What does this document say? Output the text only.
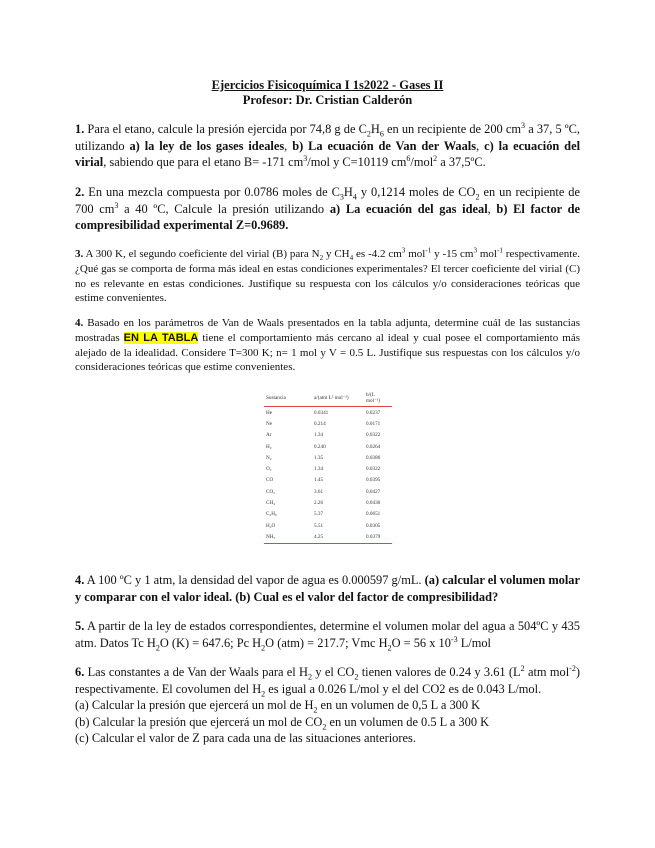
Ejercicios Fisicoquímica I 1s2022 - Gases II
Profesor: Dr. Cristian Calderón
1. Para el etano, calcule la presión ejercida por 74,8 g de $C_2H_6$ en un recipiente de 200 $cm^3$ a 37, 5 ºC, utilizando a) la ley de los gases ideales, b) La ecuación de Van der Waals, c) la ecuación del virial, sabiendo que para el etano B= -171 $cm^3$/mol y C=10119 $cm^6/mol^2$ a 37,5ºC.
2. En una mezcla compuesta por 0.0786 moles de $C_3H_4$ y 0,1214 moles de $CO_2$ en un recipiente de 700 $cm^3$ a 40 ºC, Calcule la presión utilizando a) La ecuación del gas ideal, b) El factor de compresibilidad experimental Z=0.9689.
3. A 300 K, el segundo coeficiente del virial (B) para $N_2$ y $CH_4$ es -4.2 $cm^3$ mol$^{-1}$ y -15 $cm^3$ mol$^{-1}$ respectivamente. ¿Qué gas se comporta de forma más ideal en estas condiciones experimentales? El tercer coeficiente del virial (C) no es relevante en estas condiciones. Justifique su respuesta con los cálculos y/o consideraciones teóricas que estime convenientes.
4. Basado en los parámetros de Van de Waals presentados en la tabla adjunta, determine cuál de las sustancias mostradas EN LA TABLA tiene el comportamiento más cercano al ideal y cual posee el comportamiento más alejado de la idealidad. Considere T=300 K; n= 1 mol y V = 0.5 L. Justifique sus respuestas con los cálculos y/o consideraciones teóricas que estime convenientes.
Sustancia	a/(atm L² mol⁻²)	b/(L mol⁻¹)
He	0.0341	0.0237
Ne	0.214	0.0171
Ar	1.34	0.0322
H₂	0.240	0.0264
N₂	1.35	0.0386
O₂	1.34	0.0322
CO	1.45	0.0395
CO₂	3.61	0.0427
CH₄	2.26	0.0430
C₂H₆	5.37	0.0651
H₂O	5.51	0.0305
NH₃	4.25	0.0379
4. A 100 ºC y 1 atm, la densidad del vapor de agua es 0.000597 g/mL. (a) calcular el volumen molar y comparar con el valor ideal. (b) Cual es el valor del factor de compresibilidad?
5. A partir de la ley de estados correspondientes, determine el volumen molar del agua a 504ºC y 435 atm. Datos Tc $H_2O$ (K) = 647.6; Pc $H_2O$ (atm) = 217.7; Vmc $H_2O = 56$ x $10^{-3}$ L/mol
6. Las constantes a de Van der Waals para el $H_2$ y el $CO_2$ tienen valores de 0.24 y 3.61 ($L^2$ atm mol$^{-2}$) respectivamente. El covolumen del $H_2$ es igual a 0.026 L/mol y el del CO2 es de 0.043 L/mol.
(a) Calcular la presión que ejercerá un mol de $H_2$ en un volumen de 0,5 L a 300 K
(b) Calcular la presión que ejercerá un mol de $CO_2$ en un volumen de 0.5 L a 300 K
(c) Calcular el valor de Z para cada una de las situaciones anteriores.
